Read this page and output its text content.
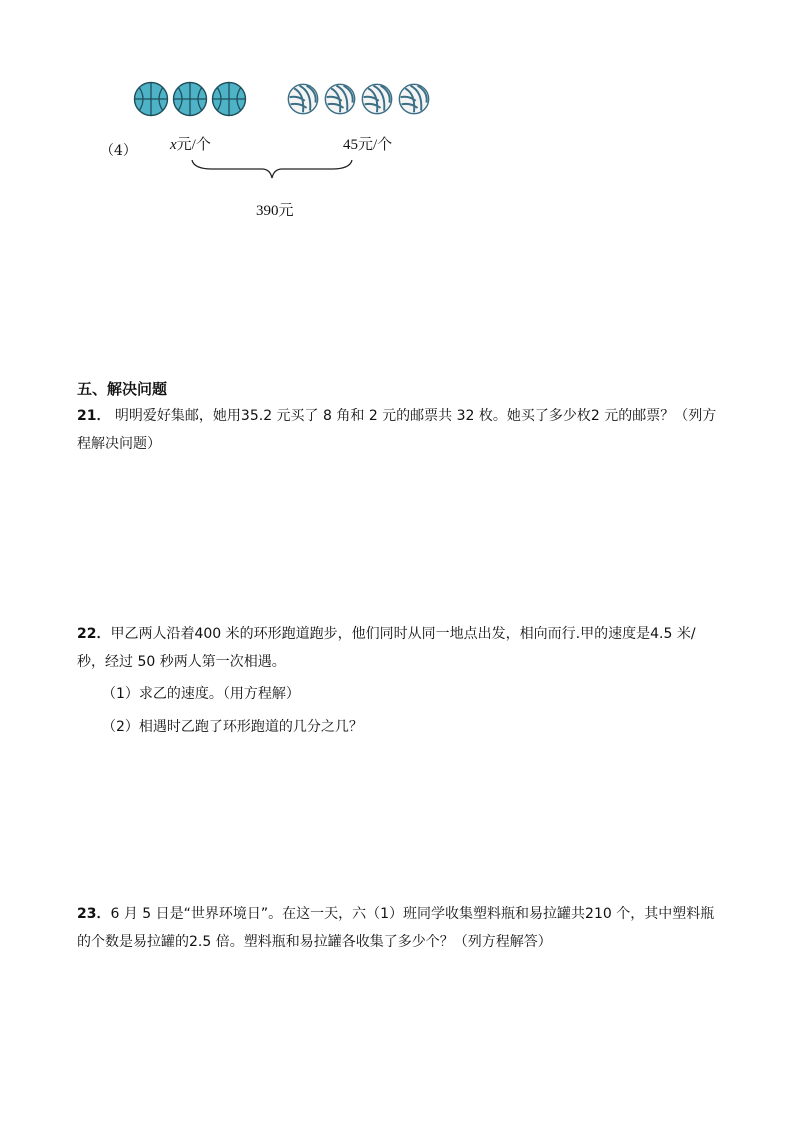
（4） x元/个	45元/个
390元
五、解决问题
21． 明明爱好集邮，她用35.2 元买了 8 角和 2 元的邮票共 32 枚。她买了多少枚2 元的邮票？（列方程解决问题）
22．甲乙两人沿着400 米的环形跑道跑步，他们同时从同一地点出发，相向而行.甲的速度是4.5 米/秒，经过 50 秒两人第一次相遇。
（1）求乙的速度。（用方程解）
（2）相遇时乙跑了环形跑道的几分之几？
23．6 月 5 日是“世界环境日”。在这一天，六（1）班同学收集塑料瓶和易拉罐共210 个，其中塑料瓶的个数是易拉罐的2.5 倍。塑料瓶和易拉罐各收集了多少个？（列方程解答）
